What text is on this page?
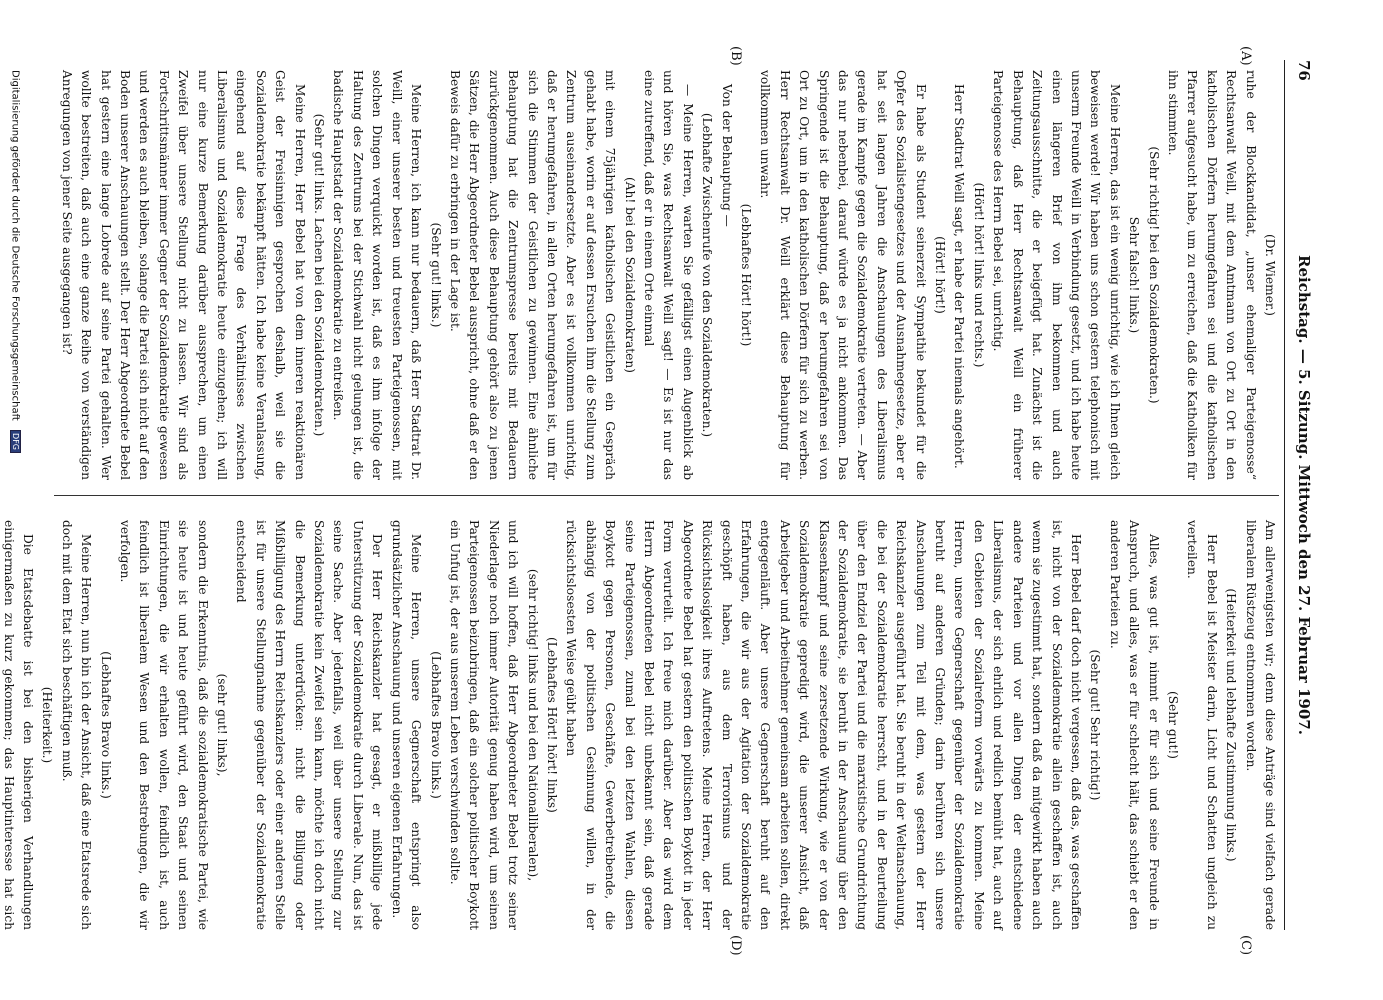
76
Reichstag. — 5. Sitzung. Mittwoch den 27. Februar 1907.
(A)
(B)
(C)
(D)

(Dr. Wiemer.)

ruhe der Blockkandidat, „unser ehemaliger Parteigenosse“ Rechtsanwalt Weill, mit dem Amtmann von Ort zu Ort in den katholischen Dörfern herumgefahren sei und die katholischen Pfarrer aufgesucht habe, um zu erreichen, daß die Katholiken für ihn stimmten.

(Sehr richtig! bei den Sozialdemokraten.)

Sehr falsch! links.)

Meine Herren, das ist ein wenig unrichtig, wie ich Ihnen gleich beweisen werde! Wir haben uns schon gestern telephonisch mit unserm Freunde Weill in Verbindung gesetzt, und ich habe heute einen längeren Brief von ihm bekommen und auch Zeitungsausschnitte, die er beigefügt hat. Zunächst ist die Behauptung, daß Herr Rechtsanwalt Weill ein früherer Parteigenosse des Herrn Bebel sei, unrichtig.

(Hört! hört! links und rechts.)

Herr Stadtrat Weill sagt, er habe der Partei niemals angehört.

(Hört! hört!)

Er habe als Student seinerzeit Sympathie bekundet für die Opfer des Sozialistengesetzes und der Ausnahmegesetze, aber er hat seit langen Jahren die Anschauungen des Liberalismus gerade im Kampfe gegen die Sozialdemokratie vertreten. — Aber das nur nebenbei, darauf würde es ja nicht ankommen. Das Springende ist die Behauptung, daß er herumgefahren sei von Ort zu Ort, um in den katholischen Dörfern für sich zu werben. Herr Rechtsanwalt Dr. Weill erklärt diese Behauptung für vollkommen unwahr.

(Lebhaftes Hört! hört!)

Von der Behauptung —

(Lebhafte Zwischenrufe von den Sozialdemokraten.)

— Meine Herren, warten Sie gefälligst einen Augenblick ab und hören Sie, was Rechtsanwalt Weill sagt! — Es ist nur das eine zutreffend, daß er in einem Orte einmal

(Ah! bei den Sozialdemokraten)

mit einem 75jährigen katholischen Geistlichen ein Gespräch gehabt habe, worin er auf dessen Ersuchen ihm die Stellung zum Zentrum auseinandersetzte. Aber es ist vollkommen unrichtig, daß er herumgefahren, in allen Orten herumgefahren ist, um für sich die Stimmen der Geistlichen zu gewinnen. Eine ähnliche Behauptung hat die Zentrumspresse bereits mit Bedauern zurückgenommen. Auch diese Behauptung gehört also zu jenen Sätzen, die Herr Abgeordneter Bebel ausspricht, ohne daß er den Beweis dafür zu erbringen in der Lage ist.

(Sehr gut! links.)

Meine Herren, ich kann nur bedauern, daß Herr Stadtrat Dr. Weill, einer unserer besten und treuesten Parteigenossen, mit solchen Dingen verquickt worden ist, daß es ihm infolge der Haltung des Zentrums bei der Stichwahl nicht gelungen ist, die badische Hauptstadt der Sozialdemokratie zu entreißen.

(Sehr gut! links. Lachen bei den Sozialdemokraten.)

Meine Herren, Herr Bebel hat von dem inneren reaktionären Geist der Freisinnigen gesprochen deshalb, weil sie die Sozialdemokratie bekämpft hätten. Ich habe keine Veranlassung, eingehend auf diese Frage des Verhältnisses zwischen Liberalismus und Sozialdemokratie heute einzugehen; ich will nur eine kurze Bemerkung darüber aussprechen, um einen Zweifel über unsere Stellung nicht zu lassen. Wir sind als Fortschrittsmänner immer Gegner der Sozialdemokratie gewesen und werden es auch bleiben, solange die Partei sich nicht auf den Boden unserer Anschauungen stellt. Der Herr Abgeordnete Bebel hat gestern eine lange Lobrede auf seine Partei gehalten. Wer wollte bestreiten, daß auch eine ganze Reihe von verständigen Anregungen von jener Seite ausgegangen ist?

Am allerwenigsten wir; denn diese Anträge sind vielfach gerade liberalem Rüstzeug entnommen worden.

(Heiterkeit und lebhafte Zustimmung links.)

Herr Bebel ist Meister darin, Licht und Schatten ungleich zu verteilen.

(Sehr gut!)

Alles, was gut ist, nimmt er für sich und seine Freunde in Anspruch, und alles, was er für schlecht hält, das schiebt er den anderen Parteien zu.

(Sehr gut! Sehr richtig!)

Herr Bebel darf doch nicht vergessen, daß das, was geschaffen ist, nicht von der Sozialdemokratie allein geschaffen ist, auch wenn sie zugestimmt hat, sondern daß da mitgewirkt haben auch andere Parteien und vor allen Dingen der entschiedene Liberalismus, der sich ehrlich und redlich bemüht hat, auch auf den Gebieten der Sozialreform vorwärts zu kommen. Meine Herren, unsere Gegnerschaft gegenüber der Sozialdemokratie beruht auf anderen Gründen; darin berühren sich unsere Anschauungen zum Teil mit dem, was gestern der Herr Reichskanzler ausgeführt hat. Sie beruht in der Weltanschauung, die bei der Sozialdemokratie herrscht, und in der Beurteilung über den Endziel der Partei und die marxistische Grundrichtung der Sozialdemokratie, sie beruht in der Anschauung über den Klassenkampf und seine zersetzende Wirkung, wie er von der Sozialdemokratie gepredigt wird, die unserer Ansicht, daß Arbeitgeber und Arbeitnehmer gemeinsam arbeiten sollen, direkt entgegenläuft. Aber unsere Gegnerschaft beruht auf den Erfahrungen, die wir aus der Agitation der Sozialdemokratie geschöpft haben, aus dem Terrorismus und der Rücksichtslosigkeit ihres Auftretens. Meine Herren, der Herr Abgeordnete Bebel hat gestern den politischen Boykott in jeder Form verurteilt. Ich freue mich darüber. Aber das wird dem Herrn Abgeordneten Bebel nicht unbekannt sein, daß gerade seine Parteigenossen, zumal bei den letzten Wahlen, diesen Boykott gegen Personen, Geschäfte, Gewerbetreibende, die abhängig von der politischen Gesinnung willen, in der rücksichtslosesten Weise geübt haben

(Lebhaftes Hört! hört! links)

(sehr richtig! links und bei den Nationalliberalen),

und ich will hoffen, daß Herr Abgeordneter Bebel trotz seiner Niederlage noch immer Autorität genug haben wird, um seinen Parteigenossen beizubringen, daß ein solcher politischer Boykott ein Unfug ist, der aus unserem Leben verschwinden sollte.

(Lebhaftes Bravo links.)

Meine Herren, unsere Gegnerschaft entspringt also grundsätzlicher Anschauung und unseren eigenen Erfahrungen.

Der Herr Reichskanzler hat gesagt, er mißbillige jede Unterstützung der Sozialdemokratie durch Liberale. Nun, das ist seine Sache. Aber jedenfalls, weil über unsere Stellung zur Sozialdemokratie kein Zweifel sein kann, möchte ich doch nicht die Bemerkung unterdrücken: nicht die Billigung oder Mißbilligung des Herrn Reichskanzlers oder einer anderen Stelle ist für unsere Stellungnahme gegenüber der Sozialdemokratie entscheidend

(sehr gut! links),

sondern die Erkenntnis, daß die sozialdemokratische Partei, wie sie heute ist und heute geführt wird, den Staat und seinen Einrichtungen, die wir erhalten wollen, feindlich ist, auch feindlich ist liberalem Wesen und den Bestrebungen, die wir verfolgen.

(Lebhaftes Bravo links.)

Meine Herren, nun bin ich der Ansicht, daß eine Etatsrede sich doch mit dem Etat sich beschäftigen muß.

(Heiterkeit.)

Die Etatsdebatte ist bei den bisherigen Verhandlungen einigermaßen zu kurz gekommen; das Hauptinteresse hat sich

Digitalisierung gefördert durch die Deutsche Forschungsgemeinschaft DFG
